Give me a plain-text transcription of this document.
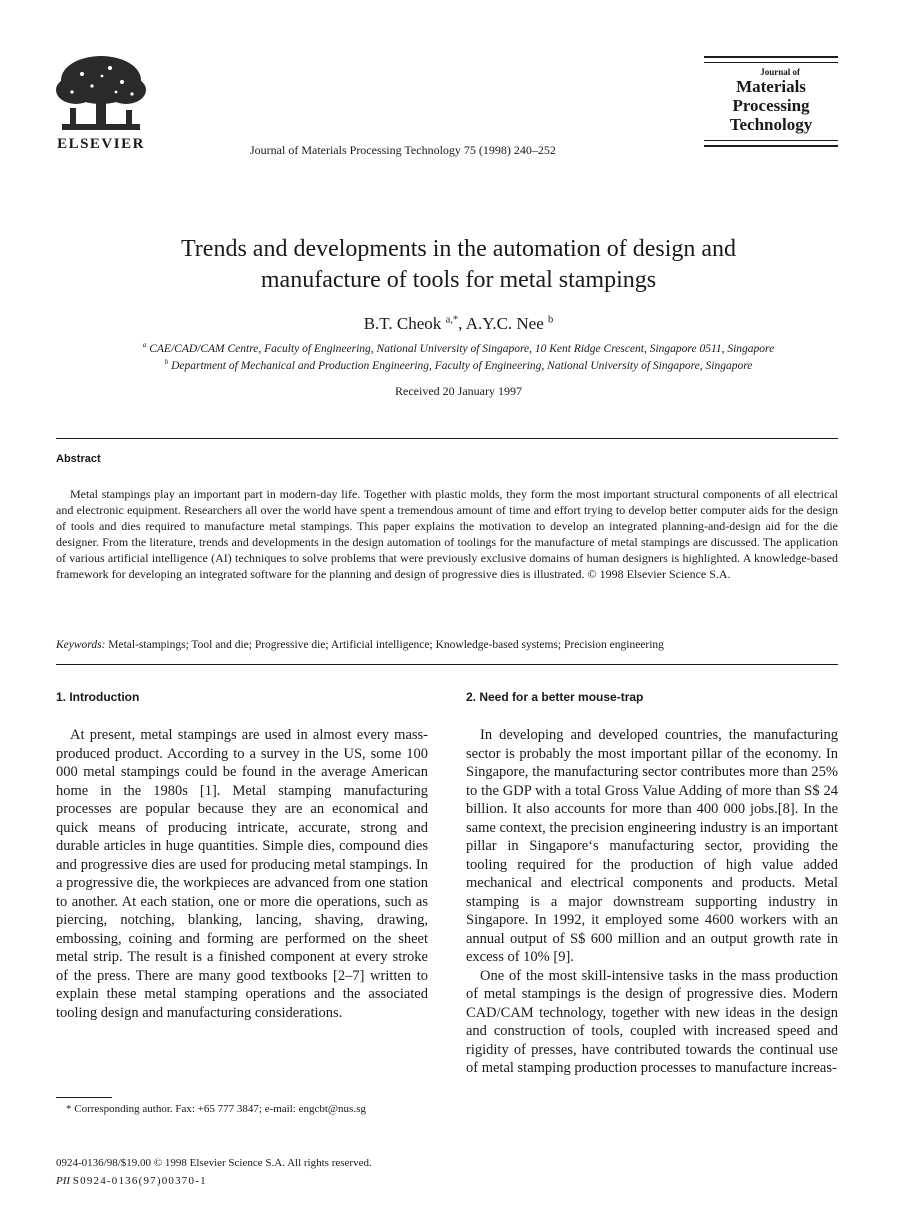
ELSEVIER	Journal of Materials Processing Technology 75 (1998) 240–252
Journal of
Materials
Processing
Technology
Trends and developments in the automation of design and
manufacture of tools for metal stampings
B.T. Cheok $^{a,*}$, A.Y.C. Nee $^b$
$^a$ CAE/CAD/CAM Centre, Faculty of Engineering, National University of Singapore, 10 Kent Ridge Crescent, Singapore 0511, Singapore
$^b$ Department of Mechanical and Production Engineering, Faculty of Engineering, National University of Singapore, Singapore
Received 20 January 1997
Abstract
Metal stampings play an important part in modern-day life. Together with plastic molds, they form the most important structural components of all electrical and electronic equipment. Researchers all over the world have spent a tremendous amount of time and effort trying to develop better computer aids for the design of tools and dies required to manufacture metal stampings. This paper explains the motivation to develop an integrated planning-and-design aid for the die designer. From the literature, trends and developments in the design automation of toolings for the manufacture of metal stampings are discussed. The application of various artificial intelligence (AI) techniques to solve problems that were previously exclusive domains of human designers is highlighted. A knowledge-based framework for developing an integrated software for the planning and design of progressive dies is illustrated. © 1998 Elsevier Science S.A.
Keywords: Metal-stampings; Tool and die; Progressive die; Artificial intelligence; Knowledge-based systems; Precision engineering
1. Introduction

At present, metal stampings are used in almost every mass-produced product. According to a survey in the US, some 100 000 metal stampings could be found in the average American home in the 1980s [1]. Metal stamping manufacturing processes are popular because they are an economical and quick means of producing intricate, accurate, strong and durable articles in huge quantities. Simple dies, compound dies and progressive dies are used for producing metal stampings. In a progressive die, the workpieces are advanced from one station to another. At each station, one or more die operations, such as piercing, notching, blanking, lancing, shaving, drawing, embossing, coining and forming are performed on the sheet metal strip. The result is a finished component at every stroke of the press. There are many good textbooks [2–7] written to explain these metal stamping operations and the associated tooling design and manufacturing considerations.

* Corresponding author. Fax: +65 777 3847; e-mail: engcbt@nus.sg
0924-0136/98/$19.00 © 1998 Elsevier Science S.A. All rights reserved.
PII S0924-0136(97)00370-1
2. Need for a better mouse-trap

In developing and developed countries, the manufacturing sector is probably the most important pillar of the economy. In Singapore, the manufacturing sector contributes more than 25% to the GDP with a total Gross Value Adding of more than S$ 24 billion. It also accounts for more than 400 000 jobs.[8]. In the same context, the precision engineering industry is an important pillar in Singapore‘s manufacturing sector, providing the tooling required for the production of high value added mechanical and electrical components and products. Metal stamping is a major downstream supporting industry in Singapore. In 1992, it employed some 4600 workers with an annual output of S$ 600 million and an output growth rate in excess of 10% [9].

One of the most skill-intensive tasks in the mass production of metal stampings is the design of progressive dies. Modern CAD/CAM technology, together with new ideas in the design and construction of tools, coupled with increased speed and rigidity of presses, have contributed towards the continual use of metal stamping production processes to manufacture increas-
